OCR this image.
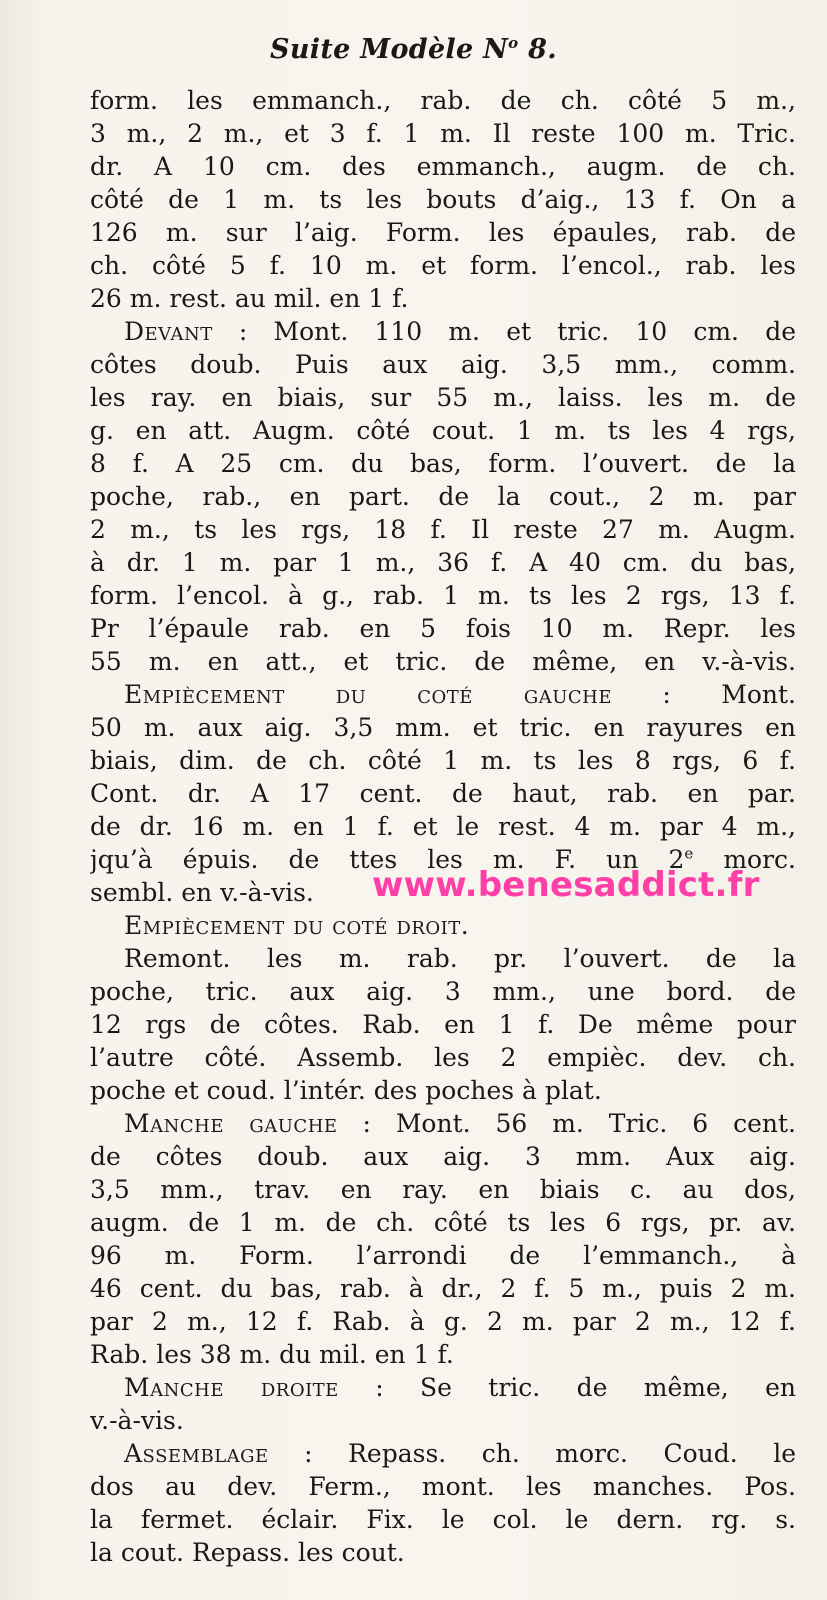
Suite Modèle $N^o$ 8.
form. les emmanch., rab. de ch. côté 5 m.,
3 m., 2 m., et 3 f. 1 m. Il reste 100 m. Tric.
dr. A 10 cm. des emmanch., augm. de ch.
côté de 1 m. ts les bouts d’aig., 13 f. On a
126 m. sur l’aig. Form. les épaules, rab. de
ch. côté 5 f. 10 m. et form. l’encol., rab. les
26 m. rest. au mil. en 1 f.
Devant : Mont. 110 m. et tric. 10 cm. de
côtes doub. Puis aux aig. 3,5 mm., comm.
les ray. en biais, sur 55 m., laiss. les m. de
g. en att. Augm. côté cout. 1 m. ts les 4 rgs,
8 f. A 25 cm. du bas, form. l’ouvert. de la
poche, rab., en part. de la cout., 2 m. par
2 m., ts les rgs, 18 f. Il reste 27 m. Augm.
à dr. 1 m. par 1 m., 36 f. A 40 cm. du bas,
form. l’encol. à g., rab. 1 m. ts les 2 rgs, 13 f.
Pr l’épaule rab. en 5 fois 10 m. Repr. les
55 m. en att., et tric. de même, en v.-à-vis.
Empiècement du coté gauche : Mont.
50 m. aux aig. 3,5 mm. et tric. en rayures en
biais, dim. de ch. côté 1 m. ts les 8 rgs, 6 f.
Cont. dr. A 17 cent. de haut, rab. en par.
de dr. 16 m. en 1 f. et le rest. 4 m. par 4 m.,
jqu’à épuis. de ttes les m. F. un 2e morc.
sembl. en v.-à-vis.
Empiècement du coté droit.
Remont. les m. rab. pr. l’ouvert. de la
poche, tric. aux aig. 3 mm., une bord. de
12 rgs de côtes. Rab. en 1 f. De même pour
l’autre côté. Assemb. les 2 empièc. dev. ch.
poche et coud. l’intér. des poches à plat.
Manche gauche : Mont. 56 m. Tric. 6 cent.
de côtes doub. aux aig. 3 mm. Aux aig.
3,5 mm., trav. en ray. en biais c. au dos,
augm. de 1 m. de ch. côté ts les 6 rgs, pr. av.
96 m. Form. l’arrondi de l’emmanch., à
46 cent. du bas, rab. à dr., 2 f. 5 m., puis 2 m.
par 2 m., 12 f. Rab. à g. 2 m. par 2 m., 12 f.
Rab. les 38 m. du mil. en 1 f.
Manche droite : Se tric. de même, en
v.-à-vis.
Assemblage : Repass. ch. morc. Coud. le
dos au dev. Ferm., mont. les manches. Pos.
la fermet. éclair. Fix. le col. le dern. rg. s.
la cout. Repass. les cout.
www.benesaddict.fr
